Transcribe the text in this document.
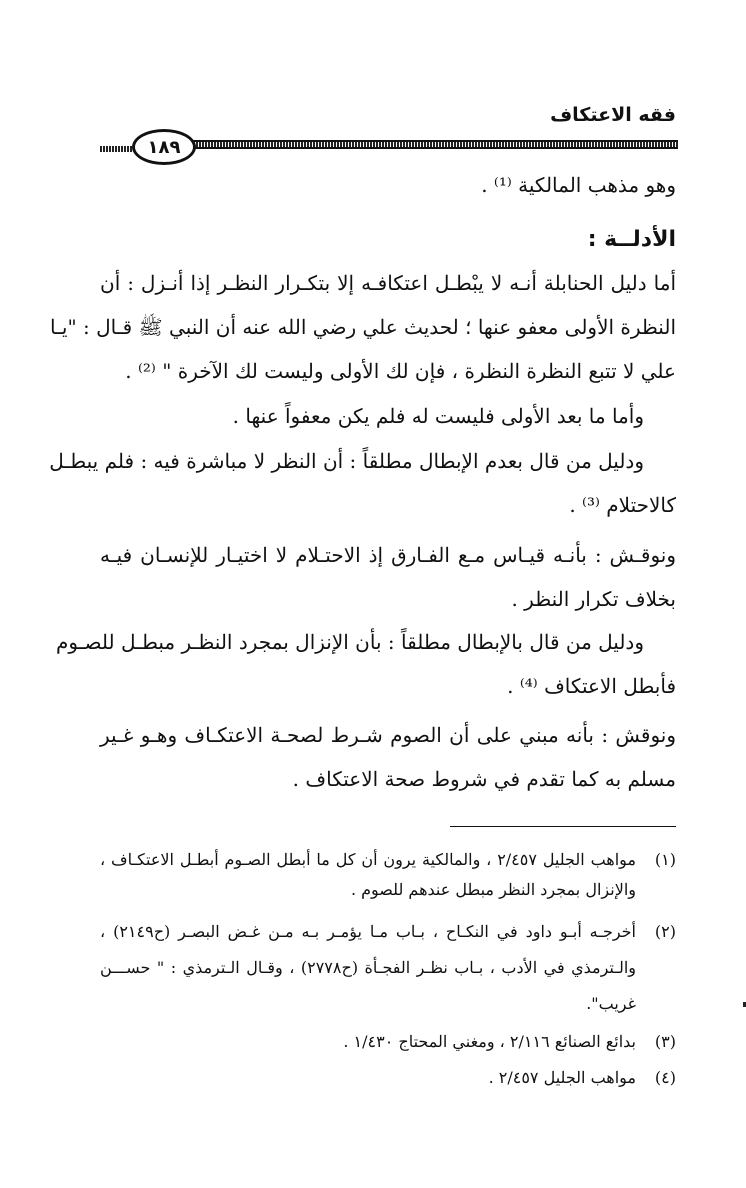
فقه الاعتكاف
١٨٩
وهو مذهب المالكية ⁽¹⁾ .
الأدلــة :
أما دليل الحنابلة أنـه لا يبْطـل اعتكافـه إلا بتكـرار النظـر إذا أنـزل : أن
النظرة الأولى معفو عنها ؛ لحديث علي رضي الله عنه أن النبي ﷺ قـال : "يـا
علي لا تتبع النظرة النظرة ، فإن لك الأولى وليست لك الآخرة " ⁽²⁾ .
وأما ما بعد الأولى فليست له فلم يكن معفواً عنها .
ودليل من قال بعدم الإبطال مطلقاً : أن النظر لا مباشرة فيه : فلم يبطـل
كالاحتلام ⁽³⁾ .
ونوقـش : بأنـه قيـاس مـع الفـارق إذ الاحتـلام لا اختيـار للإنسـان فيـه
بخلاف تكرار النظر .
ودليل من قال بالإبطال مطلقاً : بأن الإنزال بمجرد النظـر مبطـل للصـوم
فأبطل الاعتكاف ⁽⁴⁾ .
ونوقش : بأنه مبني على أن الصوم شـرط لصحـة الاعتكـاف وهـو غـير
مسلم به كما تقدم في شروط صحة الاعتكاف .
(١)
مواهب الجليل ٢/٤٥٧ ، والمالكية يرون أن كل ما أبطل الصـوم أبطـل الاعتكـاف ،
والإنزال بمجرد النظر مبطل عندهم للصوم .
(٢)
أخرجـه أبـو داود في النكـاح ، بـاب مـا يؤمـر بـه مـن غـض البصـر (ح٢١٤٩) ،
والـترمذي في الأدب ، بـاب نظـر الفجـأة (ح٢٧٧٨) ، وقـال الـترمذي : " حســـن
غريب".
(٣)
بدائع الصنائع ٢/١١٦ ، ومغني المحتاج ١/٤٣٠ .
(٤)
مواهب الجليل ٢/٤٥٧ .
